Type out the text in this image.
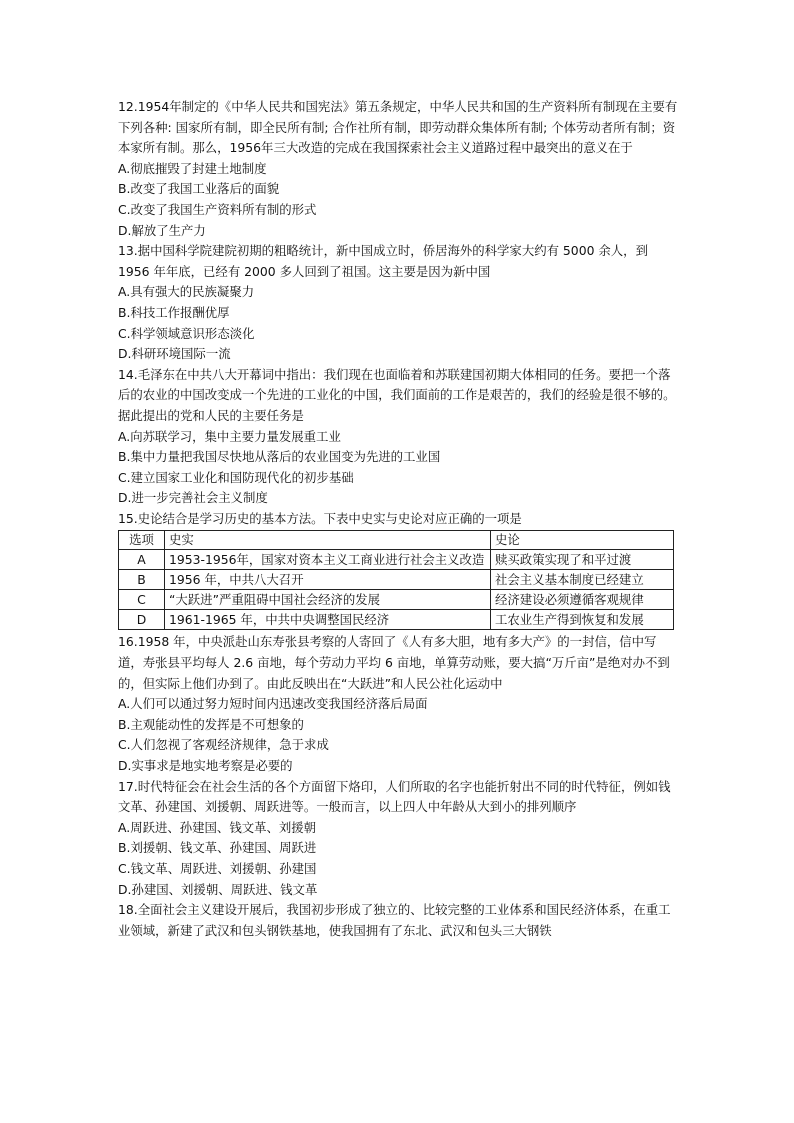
12.1954年制定的《中华人民共和国宪法》第五条规定，中华人民共和国的生产资料所有制现在主要有下列各种: 国家所有制，即全民所有制; 合作社所有制，即劳动群众集体所有制; 个体劳动者所有制；资本家所有制。那么，1956年三大改造的完成在我国探索社会主义道路过程中最突出的意义在于

A.彻底摧毁了封建土地制度

B.改变了我国工业落后的面貌

C.改变了我国生产资料所有制的形式

D.解放了生产力

13.据中国科学院建院初期的粗略统计，新中国成立时，侨居海外的科学家大约有 5000 余人，到 1956 年年底，已经有 2000 多人回到了祖国。这主要是因为新中国

A.具有强大的民族凝聚力

B.科技工作报酬优厚

C.科学领域意识形态淡化

D.科研环境国际一流

14.毛泽东在中共八大开幕词中指出：我们现在也面临着和苏联建国初期大体相同的任务。要把一个落后的农业的中国改变成一个先进的工业化的中国，我们面前的工作是艰苦的，我们的经验是很不够的。据此提出的党和人民的主要任务是

A.向苏联学习，集中主要力量发展重工业

B.集中力量把我国尽快地从落后的农业国变为先进的工业国

C.建立国家工业化和国防现代化的初步基础

D.进一步完善社会主义制度

15.史论结合是学习历史的基本方法。下表中史实与史论对应正确的一项是

选项	史实	史论
A	1953-1956年，国家对资本主义工商业进行社会主义改造	赎买政策实现了和平过渡
B	1956 年，中共八大召开	社会主义基本制度已经建立
C	“大跃进”严重阻碍中国社会经济的发展	经济建设必须遵循客观规律
D	1961-1965 年，中共中央调整国民经济	工农业生产得到恢复和发展

16.1958 年，中央派赴山东寿张县考察的人寄回了《人有多大胆，地有多大产》的一封信，信中写道，寿张县平均每人 2.6 亩地，每个劳动力平均 6 亩地，单算劳动账，要大搞“万斤亩”是绝对办不到的，但实际上他们办到了。由此反映出在“大跃进”和人民公社化运动中

A.人们可以通过努力短时间内迅速改变我国经济落后局面

B.主观能动性的发挥是不可想象的

C.人们忽视了客观经济规律，急于求成

D.实事求是地实地考察是必要的

17.时代特征会在社会生活的各个方面留下烙印，人们所取的名字也能折射出不同的时代特征，例如钱文革、孙建国、刘援朝、周跃进等。一般而言，以上四人中年龄从大到小的排列顺序

A.周跃进、孙建国、钱文革、刘援朝

B.刘援朝、钱文革、孙建国、周跃进

C.钱文革、周跃进、刘援朝、孙建国

D.孙建国、刘援朝、周跃进、钱文革

18.全面社会主义建设开展后，我国初步形成了独立的、比较完整的工业体系和国民经济体系，在重工业领域，新建了武汉和包头钢铁基地，使我国拥有了东北、武汉和包头三大钢铁
